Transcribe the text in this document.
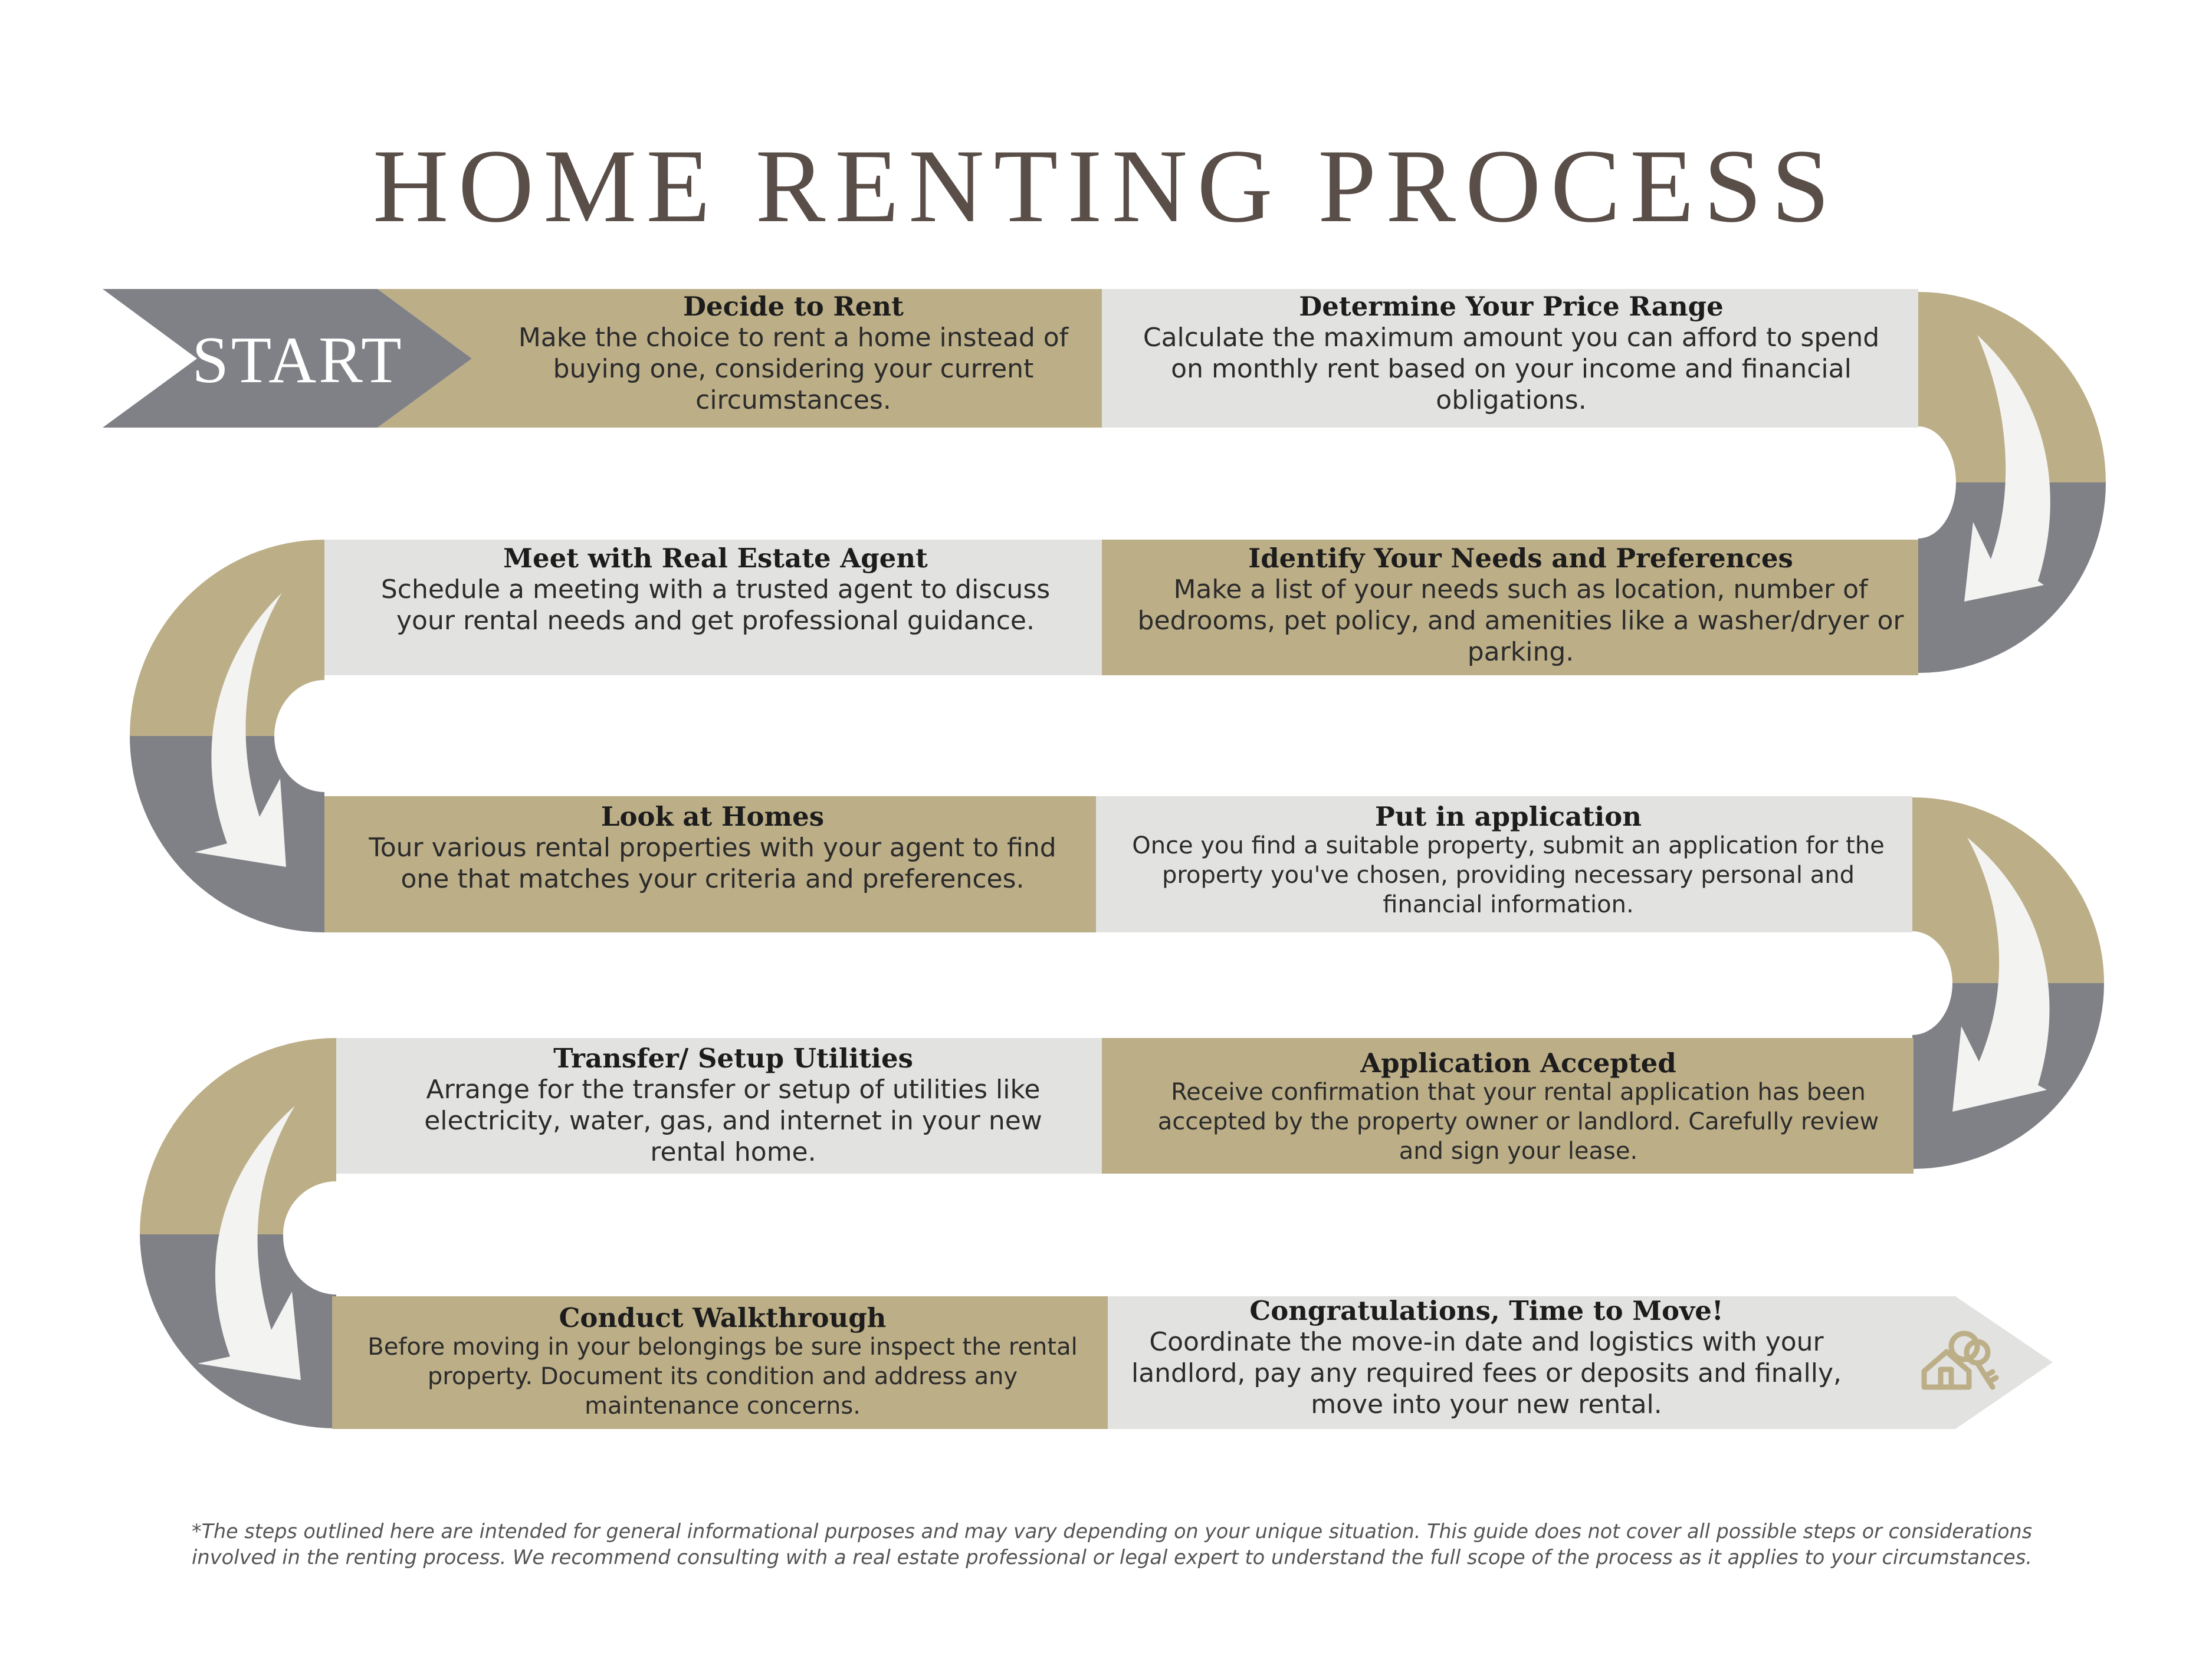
HOME RENTING PROCESS
START
Decide to Rent
Make the choice to rent a home instead of
buying one, considering your current
circumstances.
Determine Your Price Range
Calculate the maximum amount you can afford to spend
on monthly rent based on your income and financial
obligations.
Meet with Real Estate Agent
Schedule a meeting with a trusted agent to discuss
your rental needs and get professional guidance.
Identify Your Needs and Preferences
Make a list of your needs such as location, number of
bedrooms, pet policy, and amenities like a washer/dryer or
parking.
Look at Homes
Tour various rental properties with your agent to find
one that matches your criteria and preferences.
Put in application
Once you find a suitable property, submit an application for the
property you've chosen, providing necessary personal and
financial information.
Transfer/ Setup Utilities
Arrange for the transfer or setup of utilities like
electricity, water, gas, and internet in your new
rental home.
Application Accepted
Receive confirmation that your rental application has been
accepted by the property owner or landlord. Carefully review
and sign your lease.
Conduct Walkthrough
Before moving in your belongings be sure inspect the rental
property. Document its condition and address any
maintenance concerns.
Congratulations, Time to Move!
Coordinate the move-in date and logistics with your
landlord, pay any required fees or deposits and finally,
move into your new rental.
*The steps outlined here are intended for general informational purposes and may vary depending on your unique situation. This guide does not cover all possible steps or considerations
involved in the renting process. We recommend consulting with a real estate professional or legal expert to understand the full scope of the process as it applies to your circumstances.
